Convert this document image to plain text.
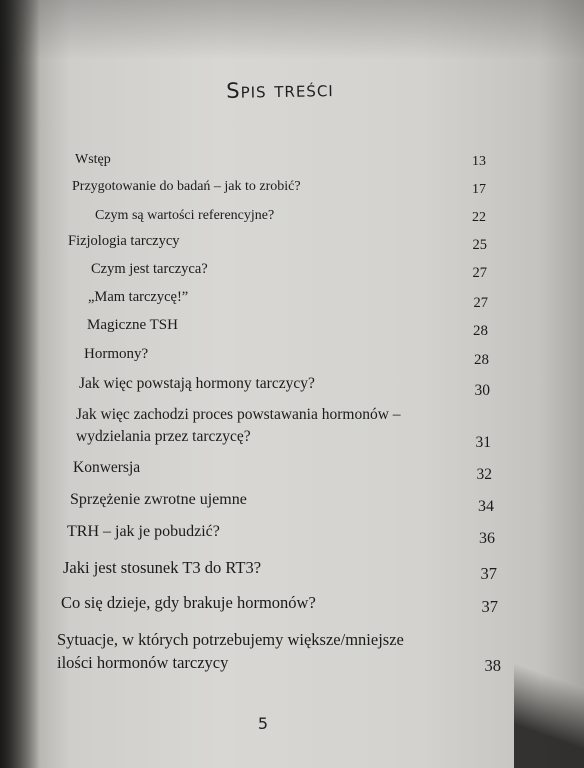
Spis treści
Wstęp	13
Przygotowanie do badań – jak to zrobić?	17
Czym są wartości referencyjne?	22
Fizjologia tarczycy	25
Czym jest tarczyca?	27
„Mam tarczycę!”	27
Magiczne TSH	28
Hormony?	28
Jak więc powstają hormony tarczycy?	30
Jak więc zachodzi proces powstawania hormonów –
wydzielania przez tarczycę?	31
Konwersja	32
Sprzężenie zwrotne ujemne	34
TRH – jak je pobudzić?	36
Jaki jest stosunek T3 do RT3?	37
Co się dzieje, gdy brakuje hormonów?	37
Sytuacje, w których potrzebujemy większe/mniejsze
ilości hormonów tarczycy	38
5
